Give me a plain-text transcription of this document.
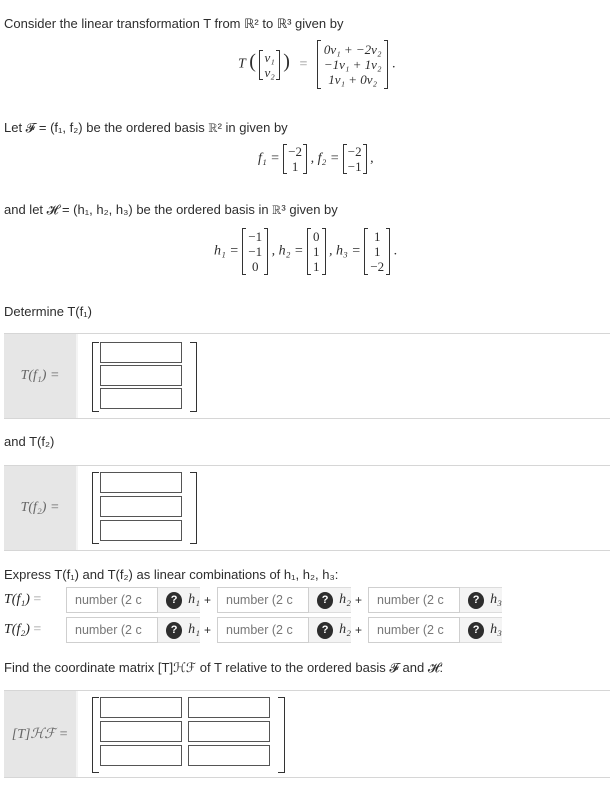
Consider the linear transformation T from ℝ² to ℝ³ given by
T ( v₁
v₂ ) =
0v₁ + −2v₂
−1v₁ + 1v₂
1v₁ + 0v₂
.
Let 𝓕 = (f₁, f₂) be the ordered basis ℝ² in given by
f₁ = −2
1
, f₂ = −2
−1
,
and let 𝓗 = (h₁, h₂, h₃) be the ordered basis in ℝ³ given by
h₁ =
−1
−1
0
, h₂ =
0
1
1
, h₃ =
1
1
−2
.
Determine T(f₁)
T(f₁) =
and T(f₂)
T(f₂) =
Express T(f₁) and T(f₂) as linear combinations of h₁, h₂, h₃:
T(f₁) =
number (2 c	? h₁ +
number (2 c	? h₂ +
number (2 c	? h₃
T(f₂) =
number (2 c	? h₁ +
number (2 c	? h₂ +
number (2 c	? h₃
Find the coordinate matrix [T]ℋℱ of T relative to the ordered basis 𝓕 and 𝓗:
[T]ℋℱ =
